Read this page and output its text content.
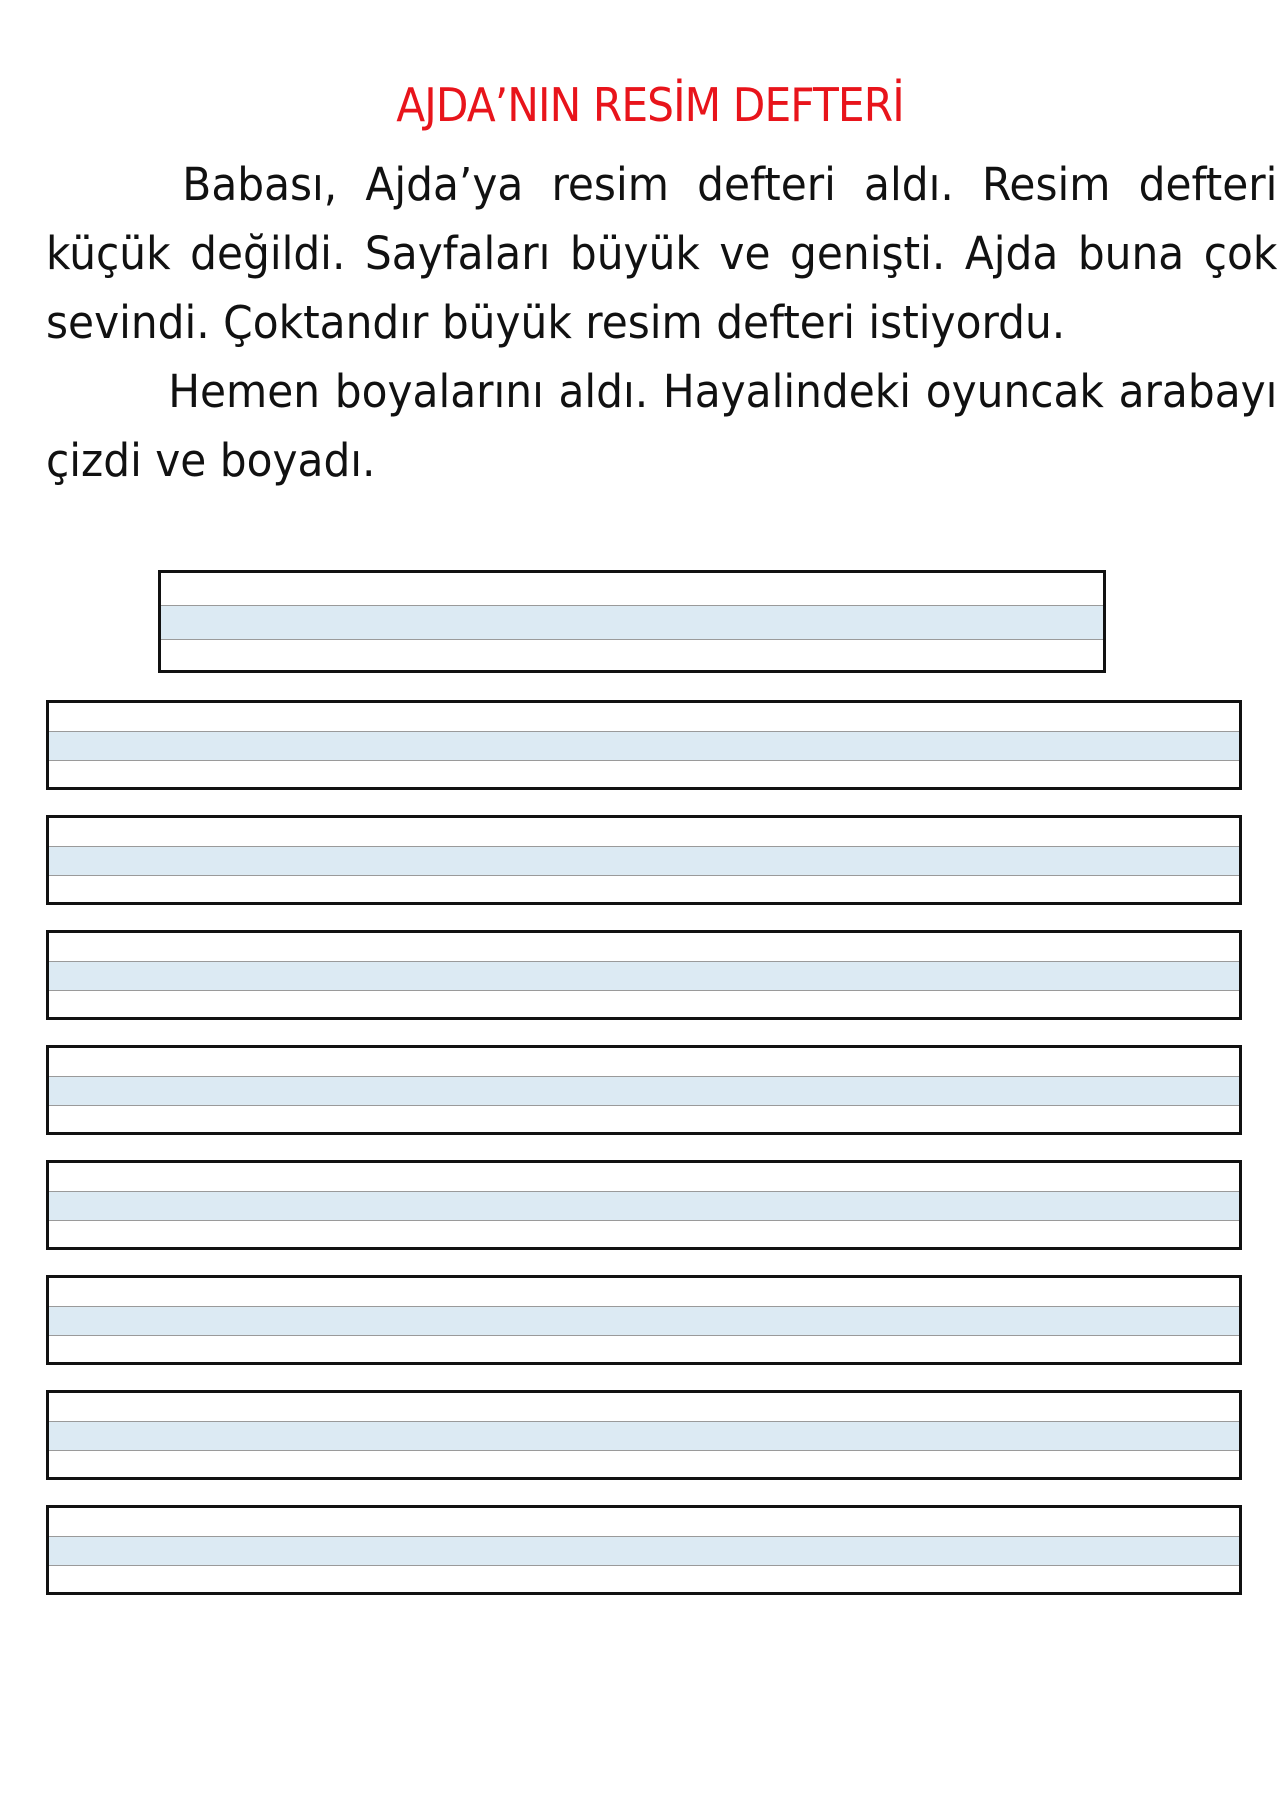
AJDA’NIN RESİM DEFTERİ

Babası, Ajda’ya resim defteri aldı. Resim defteri küçük değildi. Sayfaları büyük ve genişti. Ajda buna çok sevindi. Çoktandır büyük resim defteri istiyordu.

Hemen boyalarını aldı. Hayalindeki oyuncak arabayı çizdi ve boyadı.
